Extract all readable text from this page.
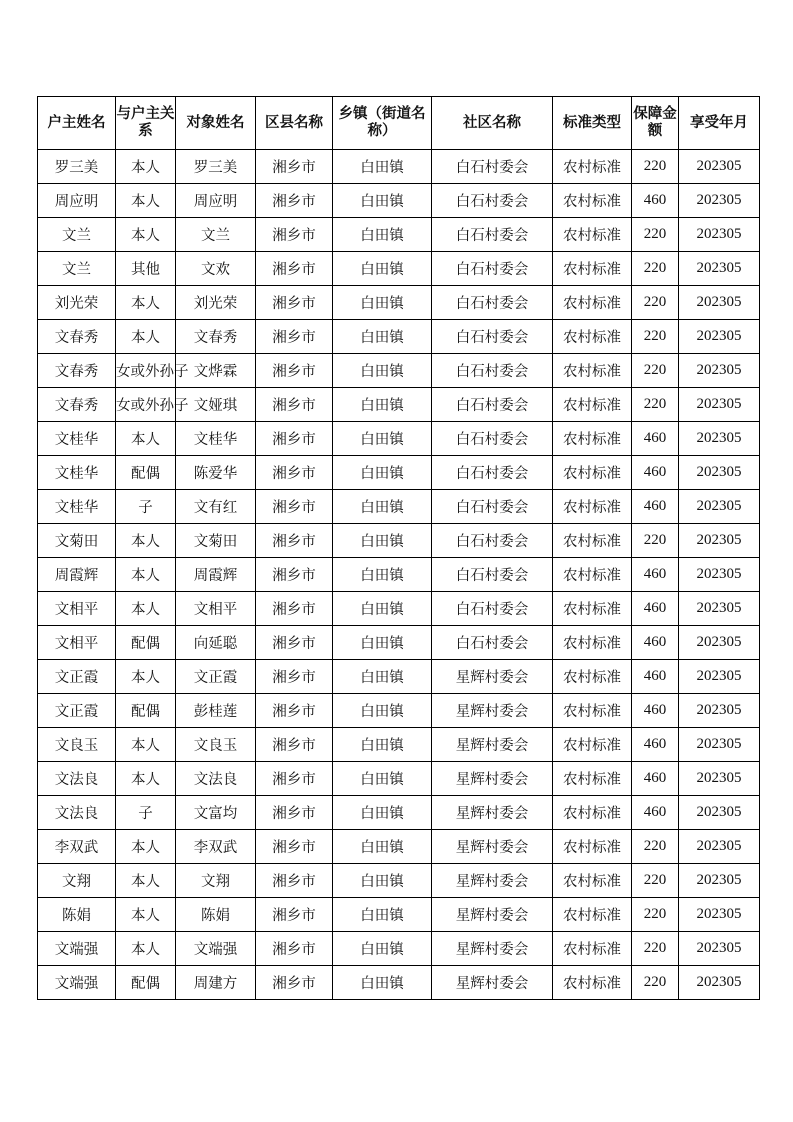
户主姓名	与户主关系	对象姓名	区县名称	乡镇（街道名称）	社区名称	标准类型	保障金额	享受年月
罗三美	本人	罗三美	湘乡市	白田镇	白石村委会	农村标准	220	202305
周应明	本人	周应明	湘乡市	白田镇	白石村委会	农村标准	460	202305
文兰	本人	文兰	湘乡市	白田镇	白石村委会	农村标准	220	202305
文兰	其他	文欢	湘乡市	白田镇	白石村委会	农村标准	220	202305
刘光荣	本人	刘光荣	湘乡市	白田镇	白石村委会	农村标准	220	202305
文春秀	本人	文春秀	湘乡市	白田镇	白石村委会	农村标准	220	202305
文春秀	女或外孙子	文烨霖	湘乡市	白田镇	白石村委会	农村标准	220	202305
文春秀	女或外孙子	文娅琪	湘乡市	白田镇	白石村委会	农村标准	220	202305
文桂华	本人	文桂华	湘乡市	白田镇	白石村委会	农村标准	460	202305
文桂华	配偶	陈爱华	湘乡市	白田镇	白石村委会	农村标准	460	202305
文桂华	子	文有红	湘乡市	白田镇	白石村委会	农村标准	460	202305
文菊田	本人	文菊田	湘乡市	白田镇	白石村委会	农村标准	220	202305
周霞辉	本人	周霞辉	湘乡市	白田镇	白石村委会	农村标准	460	202305
文相平	本人	文相平	湘乡市	白田镇	白石村委会	农村标准	460	202305
文相平	配偶	向延聪	湘乡市	白田镇	白石村委会	农村标准	460	202305
文正霞	本人	文正霞	湘乡市	白田镇	星辉村委会	农村标准	460	202305
文正霞	配偶	彭桂莲	湘乡市	白田镇	星辉村委会	农村标准	460	202305
文良玉	本人	文良玉	湘乡市	白田镇	星辉村委会	农村标准	460	202305
文法良	本人	文法良	湘乡市	白田镇	星辉村委会	农村标准	460	202305
文法良	子	文富均	湘乡市	白田镇	星辉村委会	农村标准	460	202305
李双武	本人	李双武	湘乡市	白田镇	星辉村委会	农村标准	220	202305
文翔	本人	文翔	湘乡市	白田镇	星辉村委会	农村标准	220	202305
陈娟	本人	陈娟	湘乡市	白田镇	星辉村委会	农村标准	220	202305
文端强	本人	文端强	湘乡市	白田镇	星辉村委会	农村标准	220	202305
文端强	配偶	周建方	湘乡市	白田镇	星辉村委会	农村标准	220	202305
